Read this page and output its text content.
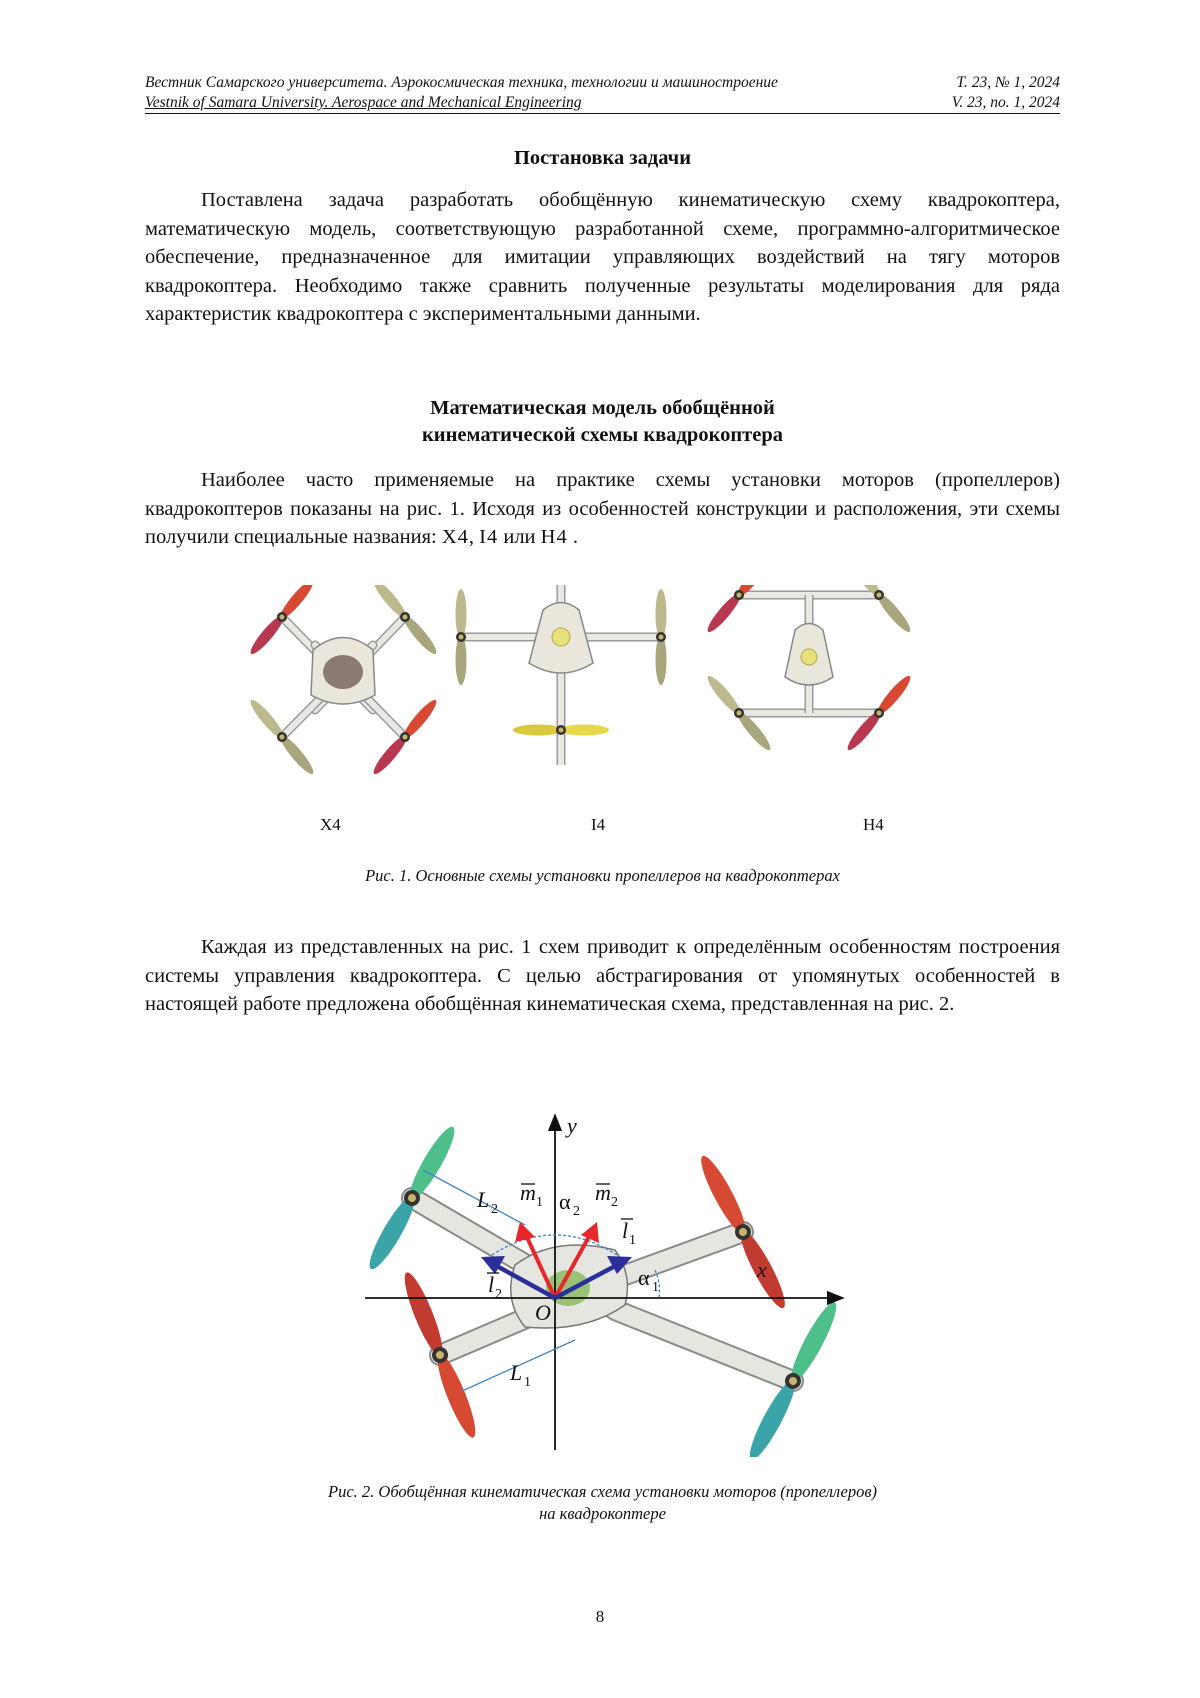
Вестник Самарского университета. Аэрокосмическая техника, технологии и машиностроение	Т. 23, № 1, 2024
Vestnik of Samara University. Aerospace and Mechanical Engineering	V. 23, no. 1, 2024
Постановка задачи
Поставлена задача разработать обобщённую кинематическую схему квадрокоптера, математическую модель, соответствующую разработанной схеме, программно-алгоритмическое обеспечение, предназначенное для имитации управляющих воздействий на тягу моторов квадрокоптера. Необходимо также сравнить полученные результаты моделирования для ряда характеристик квадрокоптера с экспериментальными данными.
Математическая модель обобщённой
кинематической схемы квадрокоптера
Наиболее часто применяемые на практике схемы установки моторов (пропеллеров) квадрокоптеров показаны на рис. 1. Исходя из особенностей конструкции и расположения, эти схемы получили специальные названия: X4, I4 или H4 .
X4	I4	H4
Рис. 1. Основные схемы установки пропеллеров на квадрокоптерах
Каждая из представленных на рис. 1 схем приводит к определённым особенностям построения системы управления квадрокоптера. С целью абстрагирования от упомянутых особенностей в настоящей работе предложена обобщённая кинематическая схема, представленная на рис. 2.
y
x
O
L 2
L 1
m 1 m 2
α 2
l 1
l 2
α 1
Рис. 2. Обобщённая кинематическая схема установки моторов (пропеллеров)
на квадрокоптере
8
